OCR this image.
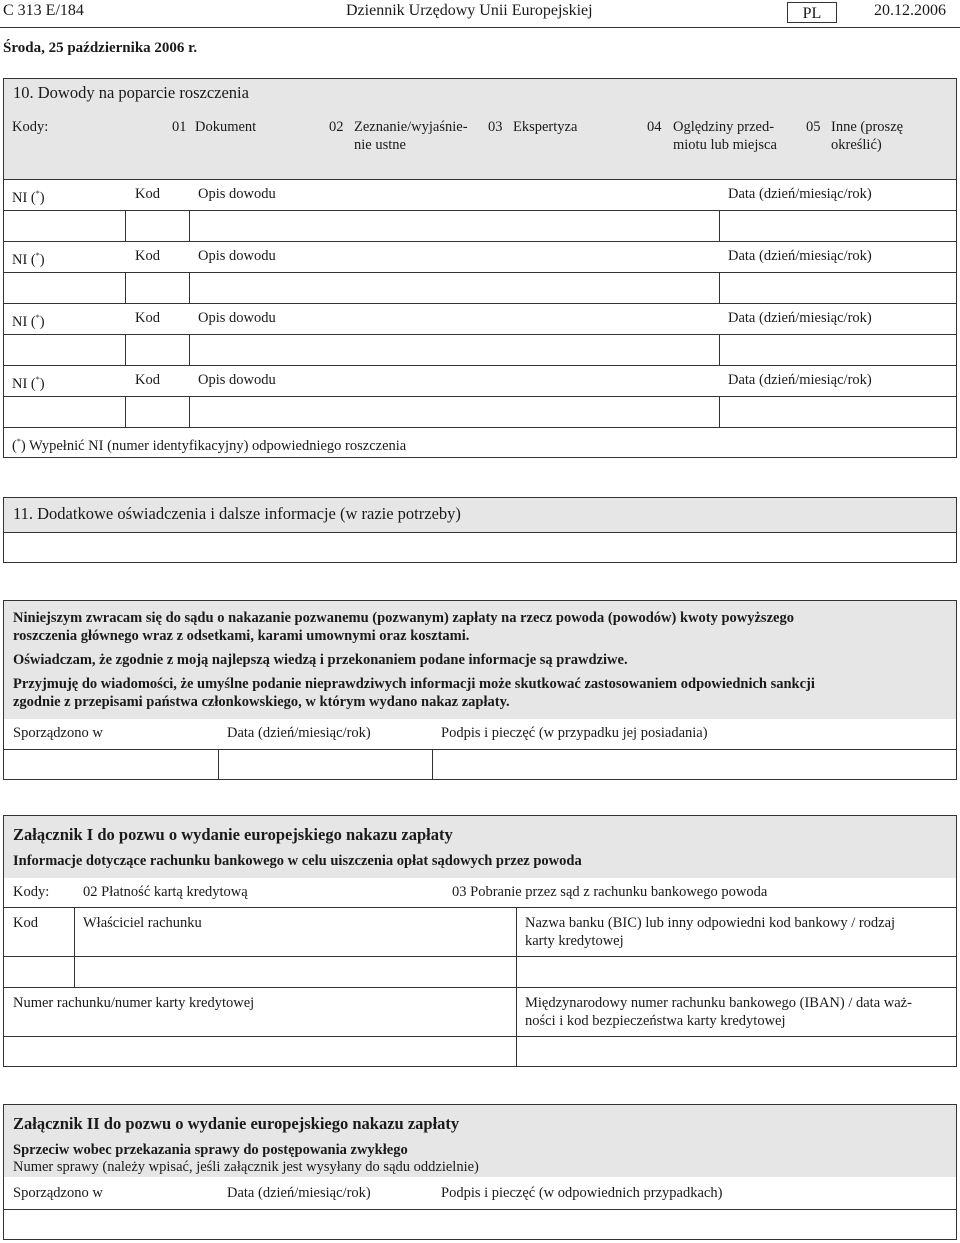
C 313 E/184	Dziennik Urzędowy Unii Europejskiej	PL	20.12.2006
Środa, 25 października 2006 r.
10. Dowody na poparcie roszczenia
Kody:	01 Dokument	02 Zeznanie/wyjaśnie-
nie ustne
03 Ekspertyza	04 Oględziny przed-
miotu lub miejsca
05 Inne (proszę
określić)
NI (*)	Kod	Opis dowodu	Data (dzień/miesiąc/rok)
NI (*)	Kod	Opis dowodu	Data (dzień/miesiąc/rok)
NI (*)	Kod	Opis dowodu	Data (dzień/miesiąc/rok)
NI (*)	Kod	Opis dowodu	Data (dzień/miesiąc/rok)
(*) Wypełnić NI (numer identyfikacyjny) odpowiedniego roszczenia
11. Dodatkowe oświadczenia i dalsze informacje (w razie potrzeby)
Niniejszym zwracam się do sądu o nakazanie pozwanemu (pozwanym) zapłaty na rzecz powoda (powodów) kwoty powyższego
roszczenia głównego wraz z odsetkami, karami umownymi oraz kosztami.
Oświadczam, że zgodnie z moją najlepszą wiedzą i przekonaniem podane informacje są prawdziwe.
Przyjmuję do wiadomości, że umyślne podanie nieprawdziwych informacji może skutkować zastosowaniem odpowiednich sankcji
zgodnie z przepisami państwa członkowskiego, w którym wydano nakaz zapłaty.
Sporządzono w	Data (dzień/miesiąc/rok)	Podpis i pieczęć (w przypadku jej posiadania)
Załącznik I do pozwu o wydanie europejskiego nakazu zapłaty
Informacje dotyczące rachunku bankowego w celu uiszczenia opłat sądowych przez powoda
Kody: 02 Płatność kartą kredytową	03 Pobranie przez sąd z rachunku bankowego powoda
Kod	Właściciel rachunku	Nazwa banku (BIC) lub inny odpowiedni kod bankowy / rodzaj
karty kredytowej
Numer rachunku/numer karty kredytowej	Międzynarodowy numer rachunku bankowego (IBAN) / data waż-
ności i kod bezpieczeństwa karty kredytowej
Załącznik II do pozwu o wydanie europejskiego nakazu zapłaty
Sprzeciw wobec przekazania sprawy do postępowania zwykłego
Numer sprawy (należy wpisać, jeśli załącznik jest wysyłany do sądu oddzielnie)
Sporządzono w	Data (dzień/miesiąc/rok)	Podpis i pieczęć (w odpowiednich przypadkach)
